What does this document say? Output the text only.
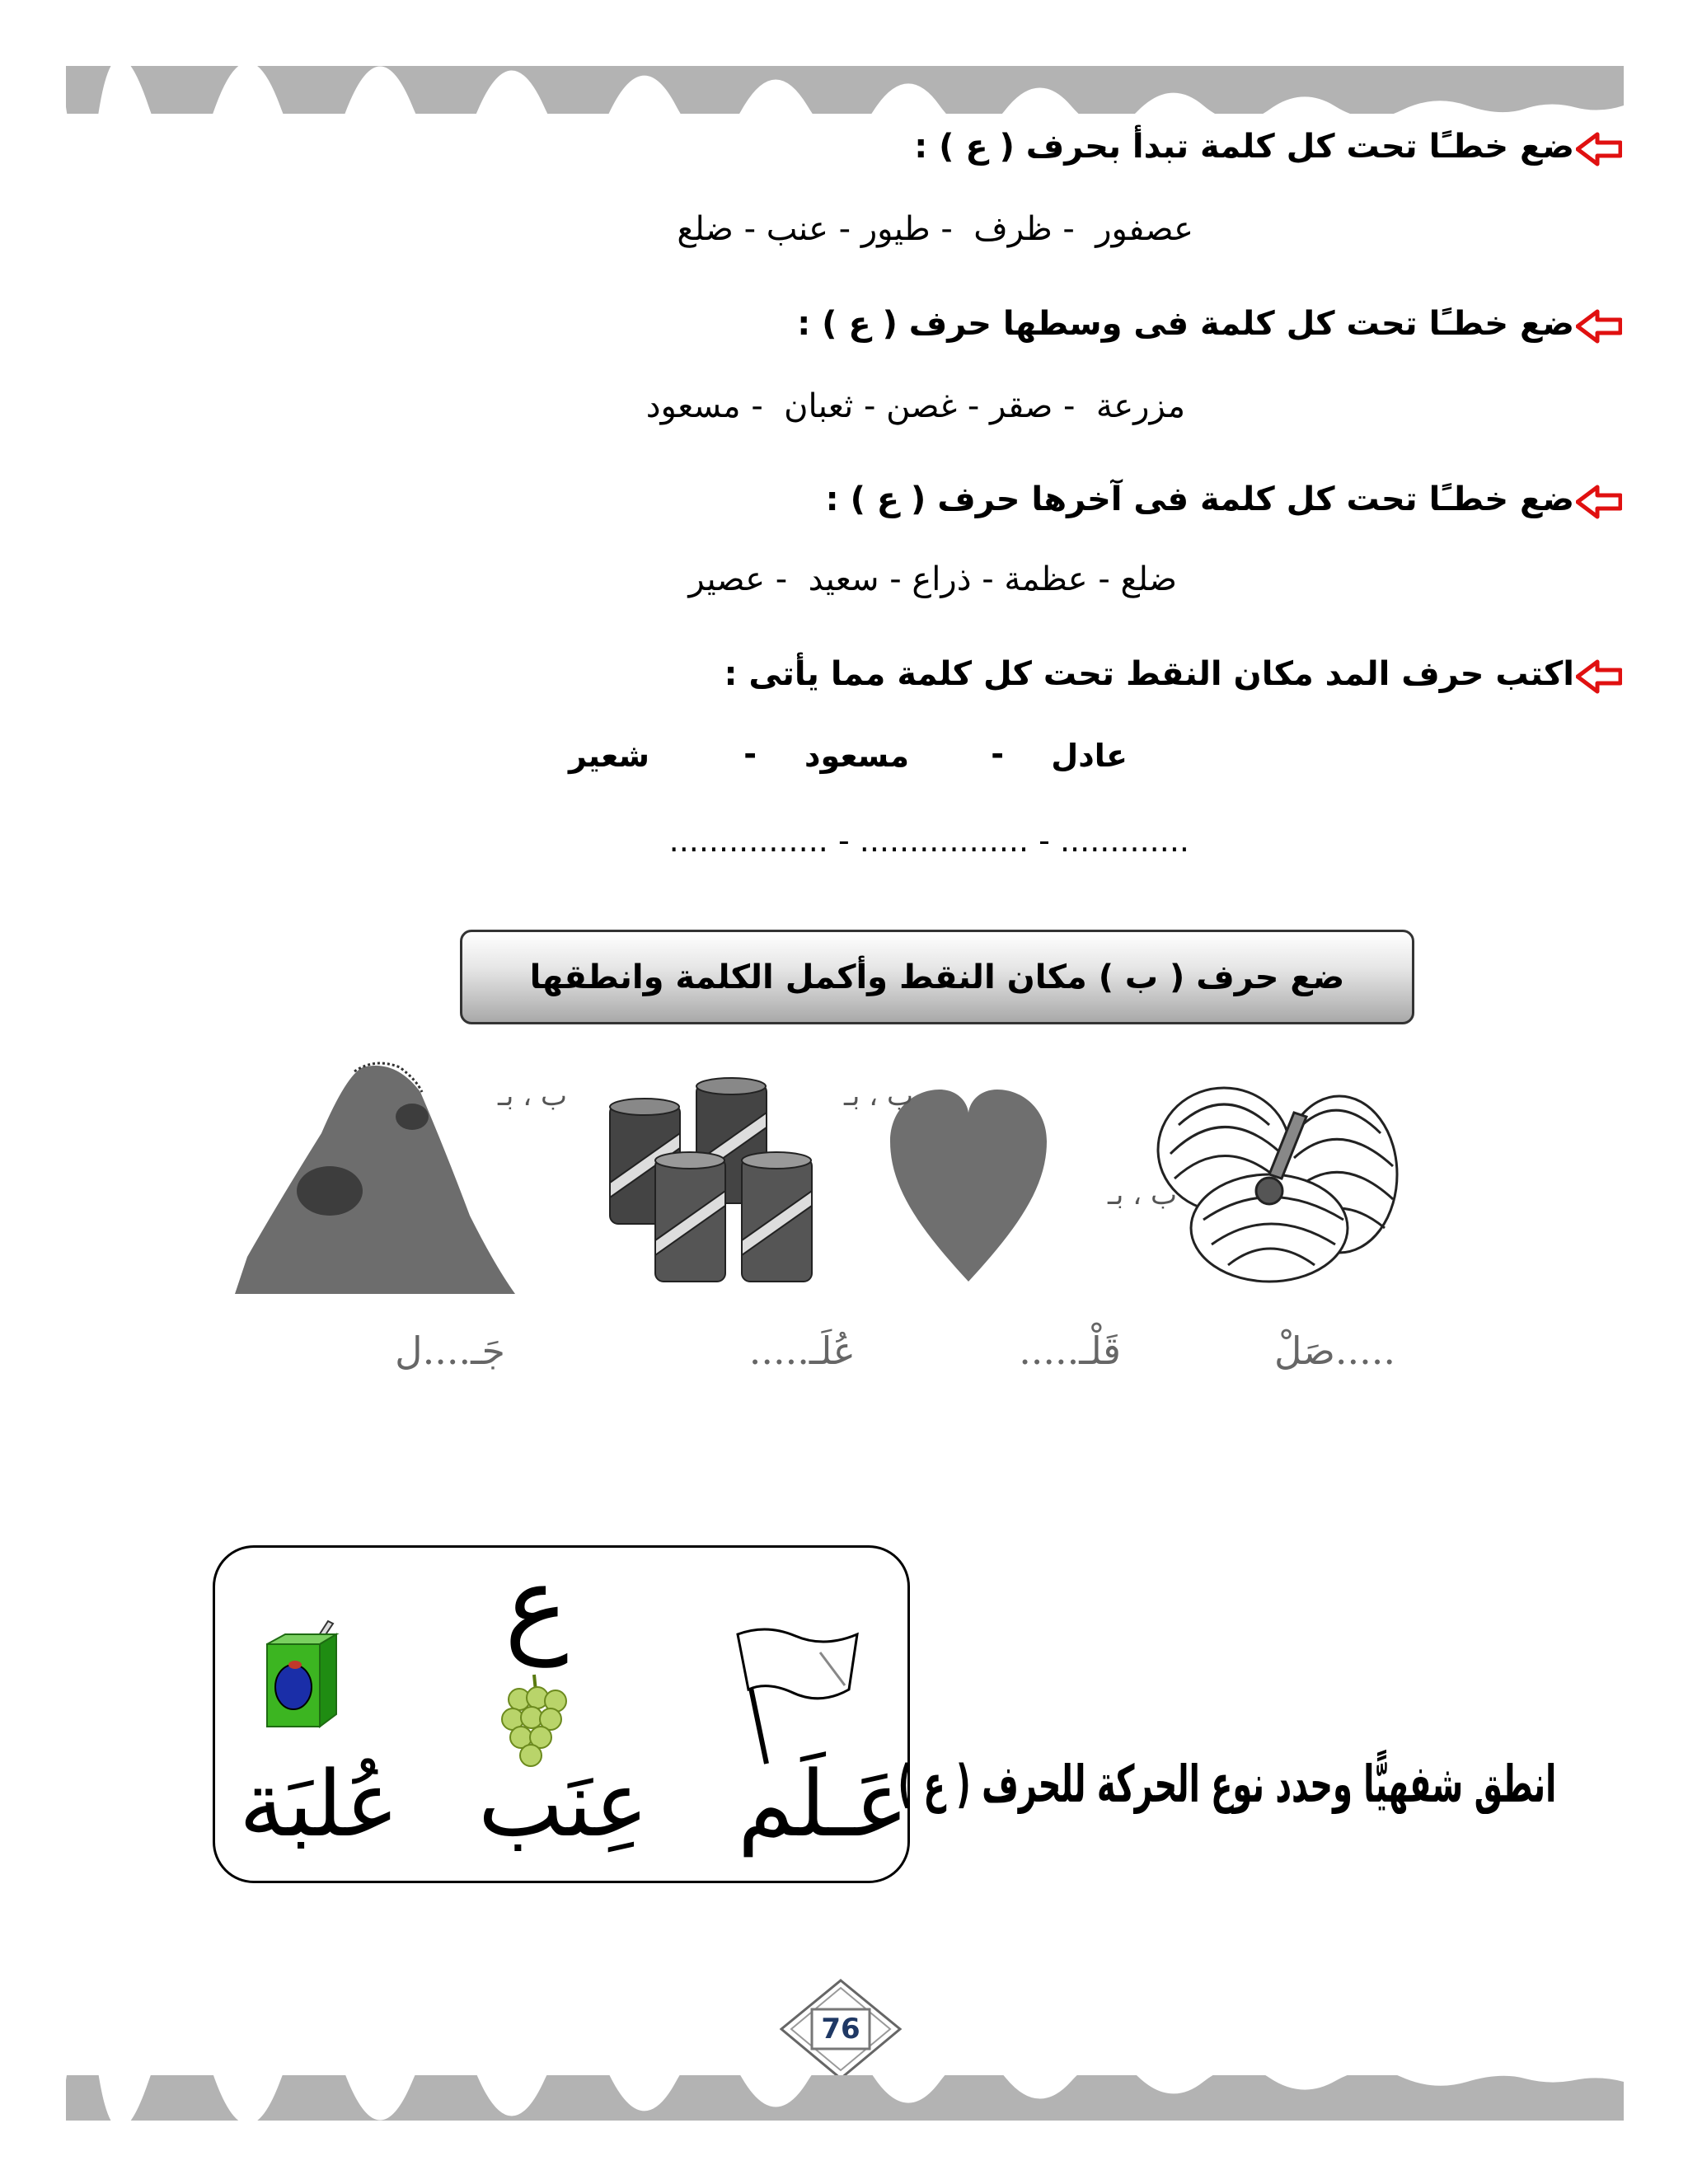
ضع خطـًا تحت كل كلمة تبدأ بحرف ( ع ) :
عصفور  - ظرف  - طيور - عنب - ضلع
ضع خطـًا تحت كل كلمة فى وسطها حرف ( ع ) :
مزرعة  - صقر - غصن - ثعبان  - مسعود
ضع خطـًا تحت كل كلمة فى آخرها حرف ( ع ) :
ضلع - عظمة - ذراع - سعيد  - عصير
اكتب حرف المد مكان النقط تحت كل كلمة مما يأتى :
عادل
-
مسعود
-
شعير
............. - ................. - ................
ضع حرف ( ب ) مكان النقط وأكمل الكلمة وانطقها
ب ، بـ
ب ، بـ
ب ، بـ
.....صَلْ
قَلْـ.....
عُلَـ.....
جَـ....ل
ع
عَـلَم
عِنَب
عُلبَة	انطق شفهيًّا وحدد نوع الحركة للحرف ( ع )
76
